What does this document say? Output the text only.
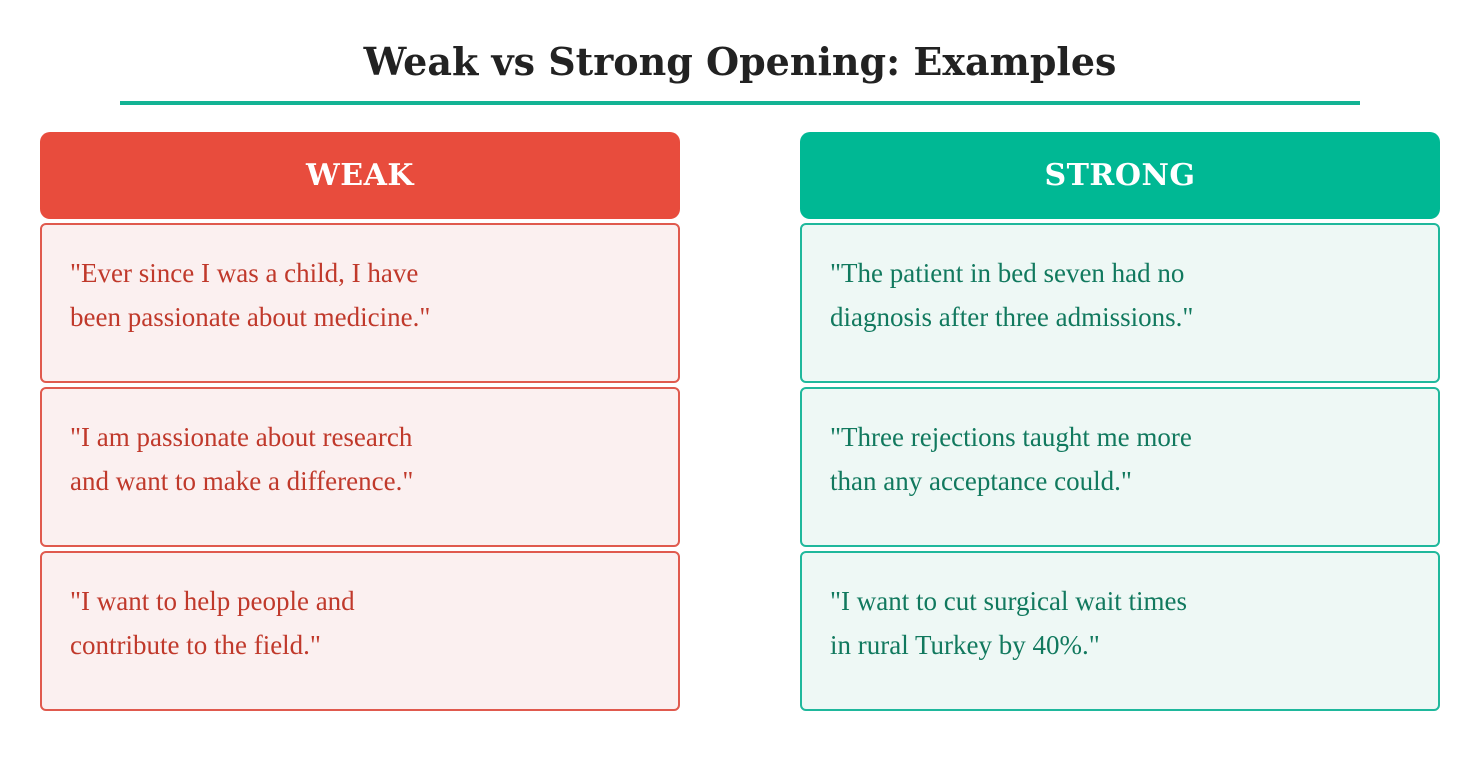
Weak vs Strong Opening: Examples
WEAK
"Ever since I was a child, I have
been passionate about medicine."
"I am passionate about research
and want to make a difference."
"I want to help people and
contribute to the field."
STRONG
"The patient in bed seven had no
diagnosis after three admissions."
"Three rejections taught me more
than any acceptance could."
"I want to cut surgical wait times
in rural Turkey by 40%."
